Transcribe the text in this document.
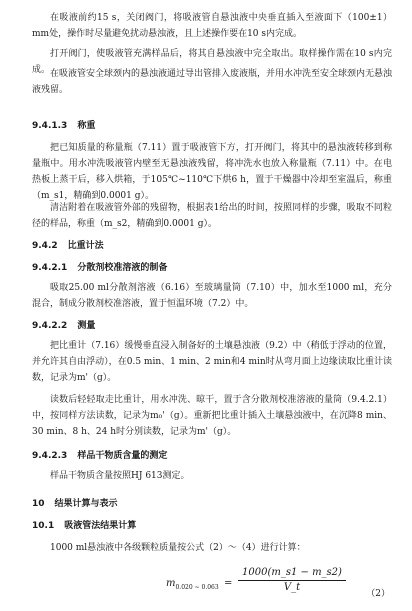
在吸液前约15 s，关闭阀门，将吸液管自悬浊液中央垂直插入至液面下（100±1）mm处，操作时尽量避免扰动悬浊液，且上述操作要在10 s内完成。

打开阀门，使吸液管充满样品后，将其自悬浊液中完全取出。取样操作需在10 s内完成。 在吸液管安全球颈内的悬浊液通过导出管排入废液瓶，并用水冲洗至安全球颈内无悬浊液残留。

9.4.1.3 称重

把已知质量的称量瓶（7.11）置于吸液管下方，打开阀门，将其中的悬浊液转移到称量瓶中。用水冲洗吸液管内壁至无悬浊液残留，将冲洗水也放入称量瓶（7.11）中。在电热板上蒸干后，移入烘箱，于105℃~110℃下烘6 h，置于干燥器中冷却至室温后，称重（m_s1，精确到0.0001 g）。

清洁附着在吸液管外部的残留物，根据表1给出的时间，按照同样的步骤，吸取不同粒径的样品，称重（m_s2，精确到0.0001 g）。

9.4.2 比重计法
9.4.2.1 分散剂校准溶液的制备

吸取25.00 ml分散剂溶液（6.16）至玻璃量筒（7.10）中，加水至1000 ml，充分混合，制成分散剂校准溶液，置于恒温环境（7.2）中。

9.4.2.2 测量

把比重计（7.16）缓慢垂直浸入制备好的土壤悬浊液（9.2）中（稍低于浮动的位置，并允许其自由浮动），在0.5 min、1 min、2 min和4 min时从弯月面上边缘读取比重计读数，记录为m'（g）。

读数后轻轻取走比重计，用水冲洗、晾干，置于含分散剂校准溶液的量筒（9.4.2.1）中，按同样方法读数，记录为m₀'（g）。重新把比重计插入土壤悬浊液中，在沉降8 min、30 min、8 h、24 h时分别读数，记录为m'（g）。

9.4.2.3 样品干物质含量的测定

样品干物质含量按照HJ 613测定。

10 结果计算与表示
10.1 吸液管法结果计算

1000 ml悬浊液中各级颗粒质量按公式（2）～（4）进行计算：

$m_{0.020 \sim 0.063} = \frac{1000(m\_s1 - m\_s2)}{V\_t} (2)$
